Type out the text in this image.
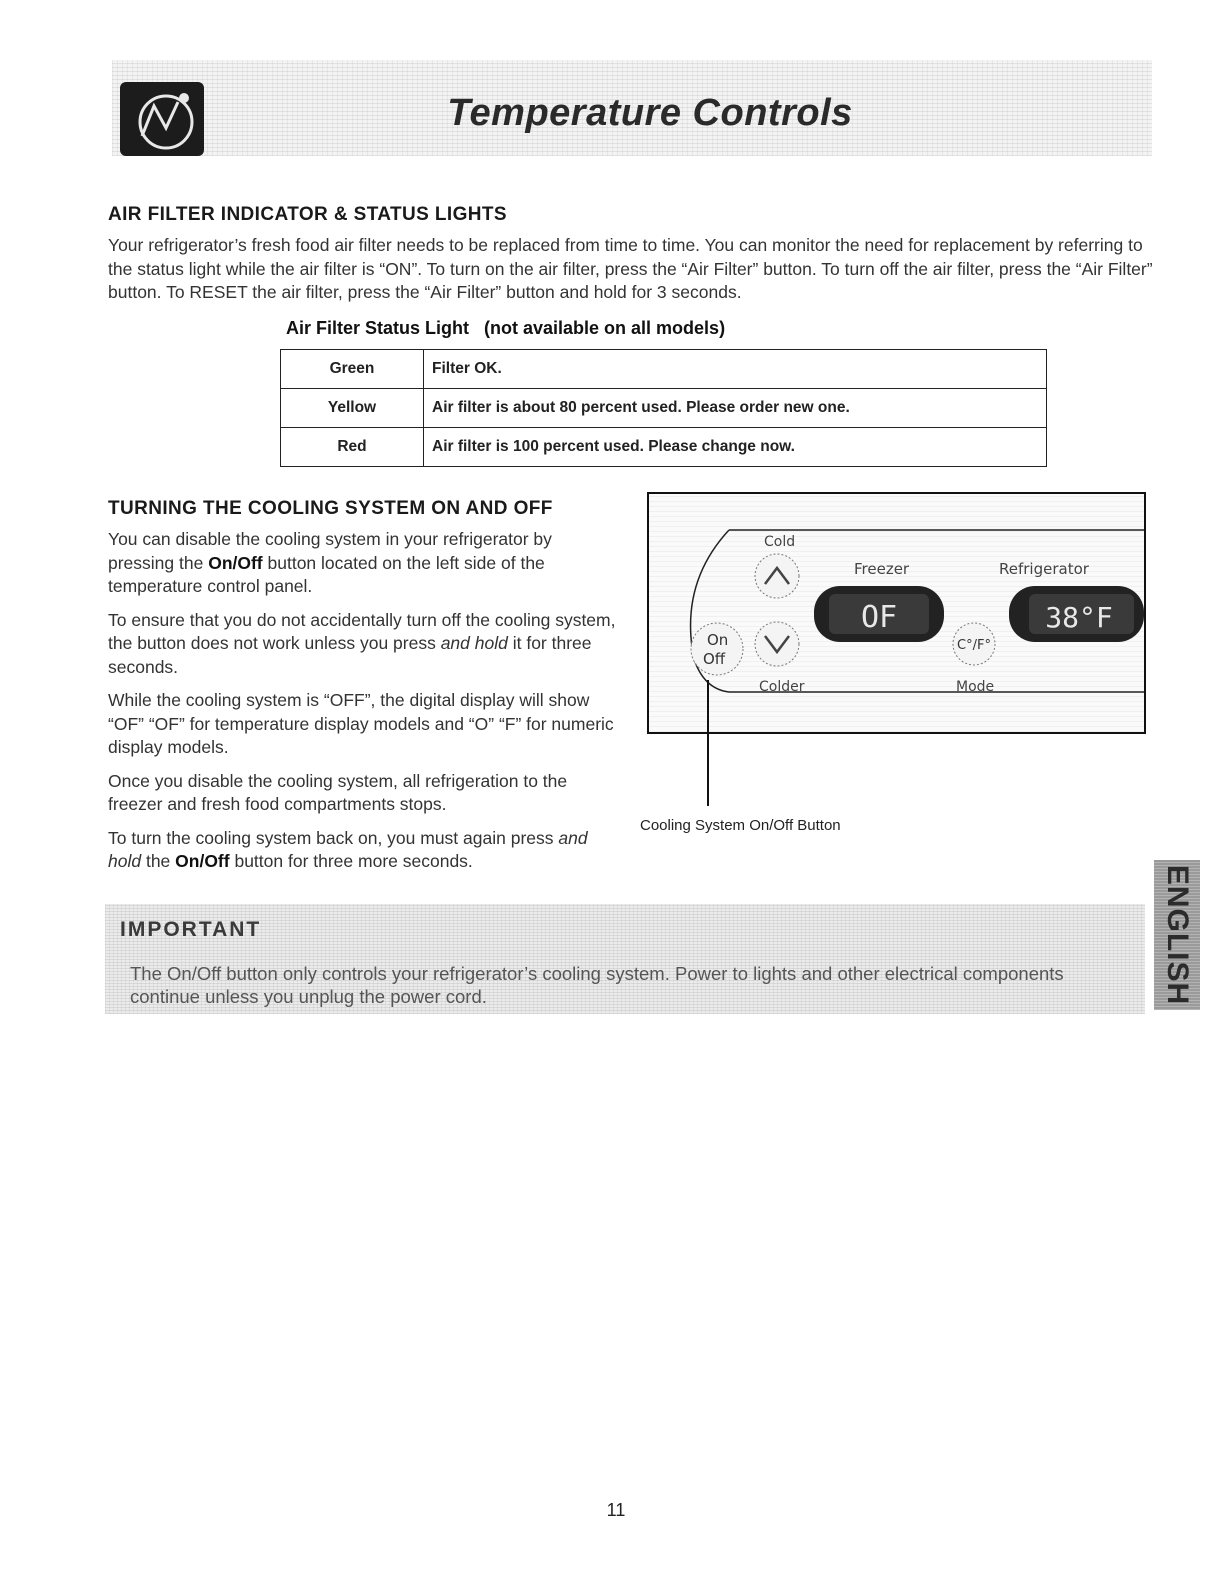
Temperature Controls
AIR FILTER INDICATOR & STATUS LIGHTS
Your refrigerator’s fresh food air filter needs to be replaced from time to time. You can monitor the need for replacement by referring to the status light while the air filter is “ON”. To turn on the air filter, press the “Air Filter” button. To turn off the air filter, press the “Air Filter” button. To RESET the air filter, press the “Air Filter” button and hold for 3 seconds.
Air Filter Status Light   (not available on all models)
Green	Filter OK.
Yellow	Air filter is about 80 percent used. Please order new one.
Red	Air filter is 100 percent used. Please change now.
TURNING THE COOLING SYSTEM ON AND OFF
You can disable the cooling system in your refrigerator by pressing the On/Off button located on the left side of the temperature control panel.
To ensure that you do not accidentally turn off the cooling system, the button does not work unless you press and hold it for three seconds.
While the cooling system is “OFF”, the digital display will show “OF” “OF” for temperature display models and “O” “F” for numeric display models.
Once you disable the cooling system, all refrigeration to the freezer and fresh food compartments stops.
To turn the cooling system back on, you must again press and hold the On/Off button for three more seconds.
Cold
Freezer	Refrigerator
Colder	Mode
On
Off
OF
C°/F°
38°F
Cooling System On/Off Button
IMPORTANT
The On/Off button only controls your refrigerator’s cooling system. Power to lights and other electrical components continue unless you unplug the power cord.	ENGLISH
11
